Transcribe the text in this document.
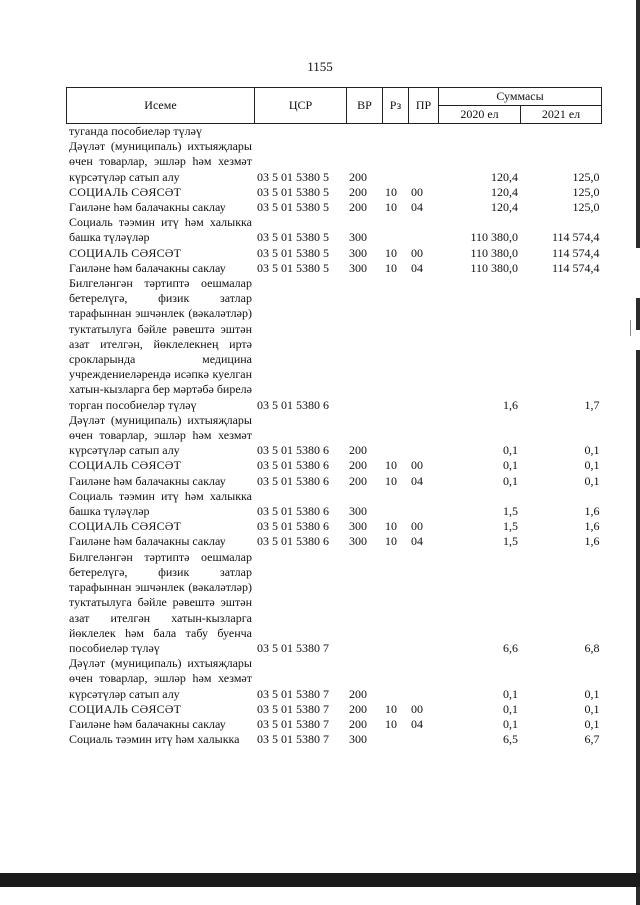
1155
Исеме	ЦСР	ВР	Рз	ПР	Суммасы	
					2020 ел	2021 ел
туганда пособиеләр түләү						
Дәүләт (муниципаль) ихтыяҗлары өчен товарлар, эшләр һәм хезмәт күрсәтүләр сатып алу	03 5 01 5380 5	200			120,4	125,0
СОЦИАЛЬ СӘЯСӘТ	03 5 01 5380 5	200	10	00	120,4	125,0
Гаиләне һәм балачакны саклау	03 5 01 5380 5	200	10	04	120,4	125,0
Социаль тәэмин итү һәм халыкка башка түләүләр	03 5 01 5380 5	300			110 380,0	114 574,4
СОЦИАЛЬ СӘЯСӘТ	03 5 01 5380 5	300	10	00	110 380,0	114 574,4
Гаиләне һәм балачакны саклау	03 5 01 5380 5	300	10	04	110 380,0	114 574,4
Билгеләнгән тәртиптә оешмалар бетерелүгә, физик затлар тарафыннан эшчәнлек (вәкаләтләр) туктатылуга бәйле рәвештә эштән азат ителгән, йөклелекнең иртә срокларында медицина учреждениеләрендә исәпкә куелган хатын-кызларга бер мәртәбә бирелә торган пособиеләр түләү	03 5 01 5380 6				1,6	1,7
Дәүләт (муниципаль) ихтыяҗлары өчен товарлар, эшләр һәм хезмәт күрсәтүләр сатып алу	03 5 01 5380 6	200			0,1	0,1
СОЦИАЛЬ СӘЯСӘТ	03 5 01 5380 6	200	10	00	0,1	0,1
Гаиләне һәм балачакны саклау	03 5 01 5380 6	200	10	04	0,1	0,1
Социаль тәэмин итү һәм халыкка башка түләүләр	03 5 01 5380 6	300			1,5	1,6
СОЦИАЛЬ СӘЯСӘТ	03 5 01 5380 6	300	10	00	1,5	1,6
Гаиләне һәм балачакны саклау	03 5 01 5380 6	300	10	04	1,5	1,6
Билгеләнгән тәртиптә оешмалар бетерелүгә, физик затлар тарафыннан эшчәнлек (вәкаләтләр) туктатылуга бәйле рәвештә эштән азат ителгән хатын-кызларга йөклелек һәм бала табу буенча пособиеләр түләү	03 5 01 5380 7				6,6	6,8
Дәүләт (муниципаль) ихтыяҗлары өчен товарлар, эшләр һәм хезмәт күрсәтүләр сатып алу	03 5 01 5380 7	200			0,1	0,1
СОЦИАЛЬ СӘЯСӘТ	03 5 01 5380 7	200	10	00	0,1	0,1
Гаиләне һәм балачакны саклау	03 5 01 5380 7	200	10	04	0,1	0,1
Социаль тәэмин итү һәм халыкка	03 5 01 5380 7	300			6,5	6,7
